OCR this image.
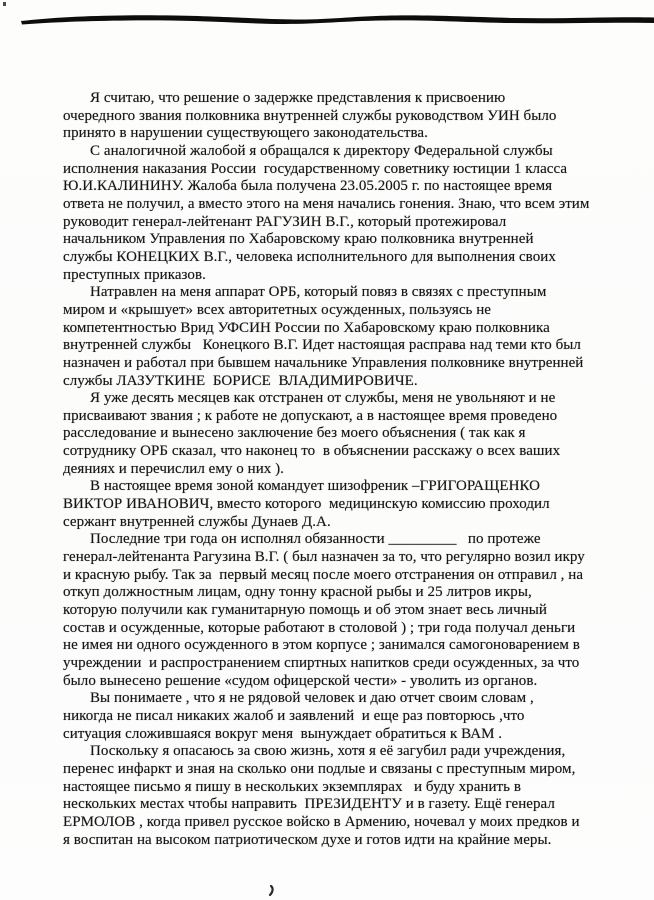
Я считаю, что решение о задержке представления к присвоению
очередного звания полковника внутренней службы руководством УИН было
принято в нарушении существующего законодательства.
С аналогичной жалобой я обращался к директору Федеральной службы
исполнения наказания России  государственному советнику юстиции 1 класса
Ю.И.КАЛИНИНУ. Жалоба была получена 23.05.2005 г. по настоящее время
ответа не получил, а вместо этого на меня начались гонения. Знаю, что всем этим
руководит генерал-лейтенант РАГУЗИН В.Г., который протежировал
начальником Управления по Хабаровскому краю полковника внутренней
службы КОНЕЦКИХ В.Г., человека исполнительного для выполнения своих
преступных приказов.
Натравлен на меня аппарат ОРБ, который повяз в связях с преступным
миром и «крышует» всех авторитетных осужденных, пользуясь не
компетентностью Врид УФСИН России по Хабаровскому краю полковника
внутренней службы   Конецкого В.Г. Идет настоящая расправа над теми кто был
назначен и работал при бывшем начальнике Управления полковнике внутренней
службы ЛАЗУТКИНЕ  БОРИСЕ  ВЛАДИМИРОВИЧЕ.
Я уже десять месяцев как отстранен от службы, меня не увольняют и не
присваивают звания ; к работе не допускают, а в настоящее время проведено
расследование и вынесено заключение без моего объяснения ( так как я
сотруднику ОРБ сказал, что наконец то  в объяснении расскажу о всех ваших
деяниях и перечислил ему о них ).
В настоящее время зоной командует шизофреник –ГРИГОРАЩЕНКО
ВИКТОР ИВАНОВИЧ, вместо которого  медицинскую комиссию проходил
сержант внутренней службы Дунаев Д.А.
Последние три года он исполнял обязанности _________   по протеже
генерал-лейтенанта Рагузина В.Г. ( был назначен за то, что регулярно возил икру
и красную рыбу. Так за  первый месяц после моего отстранения он отправил , на
откуп должностным лицам, одну тонну красной рыбы и 25 литров икры,
которую получили как гуманитарную помощь и об этом знает весь личный
состав и осужденные, которые работают в столовой ) ; три года получал деньги
не имея ни одного осужденного в этом корпусе ; занимался самогоноварением в
учреждении  и распространением спиртных напитков среди осужденных, за что
было вынесено решение «судом офицерской чести» - уволить из органов.
Вы понимаете , что я не рядовой человек и даю отчет своим словам ,
никогда не писал никаких жалоб и заявлений  и еще раз повторюсь ,что
ситуация сложившаяся вокруг меня  вынуждает обратиться к ВАМ .
Поскольку я опасаюсь за свою жизнь, хотя я её загубил ради учреждения,
перенес инфаркт и зная на сколько они подлые и связаны с преступным миром,
настоящее письмо я пишу в нескольких экземплярах   и буду хранить в
нескольких местах чтобы направить  ПРЕЗИДЕНТУ и в газету. Ещё генерал
ЕРМОЛОВ , когда привел русское войско в Армению, ночевал у моих предков и
я воспитан на высоком патриотическом духе и готов идти на крайние меры.
